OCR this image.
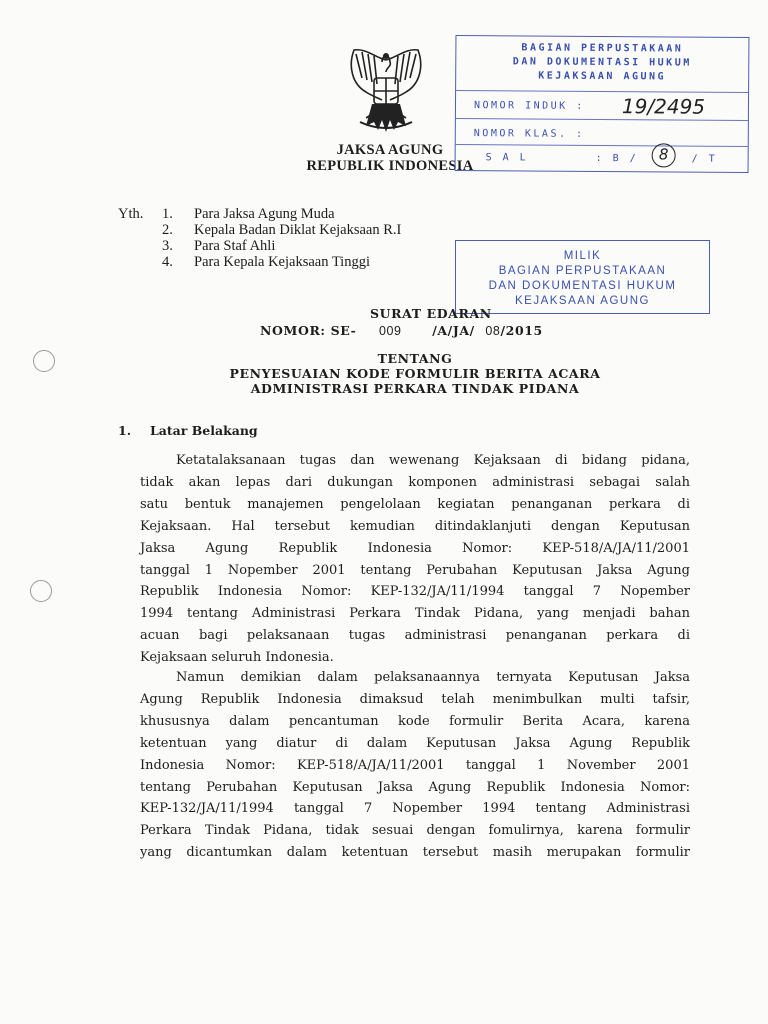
JAKSA AGUNG
REPUBLIK INDONESIA
BAGIAN PERPUSTAKAAN
DAN DOKUMENTASI HUKUM
KEJAKSAAN AGUNG
NOMOR INDUK : 19/2495
NOMOR KLAS. :
S A L	: B /	8	/ T
MILIK
BAGIAN PERPUSTAKAAN
DAN DOKUMENTASI HUKUM
KEJAKSAAN AGUNG
Yth. 1. Para Jaksa Agung Muda
2. Kepala Badan Diklat Kejaksaan R.I
3. Para Staf Ahli
4. Para Kepala Kejaksaan Tinggi
SURAT EDARAN
NOMOR: SE- 009 /A/JA/ 08/2015
TENTANG
PENYESUAIAN KODE FORMULIR BERITA ACARA
ADMINISTRASI PERKARA TINDAK PIDANA
1. Latar Belakang
Ketatalaksanaan tugas dan wewenang Kejaksaan di bidang pidana,
tidak akan lepas dari dukungan komponen administrasi sebagai salah
satu bentuk manajemen pengelolaan kegiatan penanganan perkara di
Kejaksaan. Hal tersebut kemudian ditindaklanjuti dengan Keputusan
Jaksa Agung Republik Indonesia Nomor: KEP-518/A/JA/11/2001
tanggal 1 Nopember 2001 tentang Perubahan Keputusan Jaksa Agung
Republik Indonesia Nomor: KEP-132/JA/11/1994 tanggal 7 Nopember
1994 tentang Administrasi Perkara Tindak Pidana, yang menjadi bahan
acuan bagi pelaksanaan tugas administrasi penanganan perkara di
Kejaksaan seluruh Indonesia.
Namun demikian dalam pelaksanaannya ternyata Keputusan Jaksa
Agung Republik Indonesia dimaksud telah menimbulkan multi tafsir,
khususnya dalam pencantuman kode formulir Berita Acara, karena
ketentuan yang diatur di dalam Keputusan Jaksa Agung Republik
Indonesia Nomor: KEP-518/A/JA/11/2001 tanggal 1 November 2001
tentang Perubahan Keputusan Jaksa Agung Republik Indonesia Nomor:
KEP-132/JA/11/1994 tanggal 7 Nopember 1994 tentang Administrasi
Perkara Tindak Pidana, tidak sesuai dengan fomulirnya, karena formulir
yang dicantumkan dalam ketentuan tersebut masih merupakan formulir
